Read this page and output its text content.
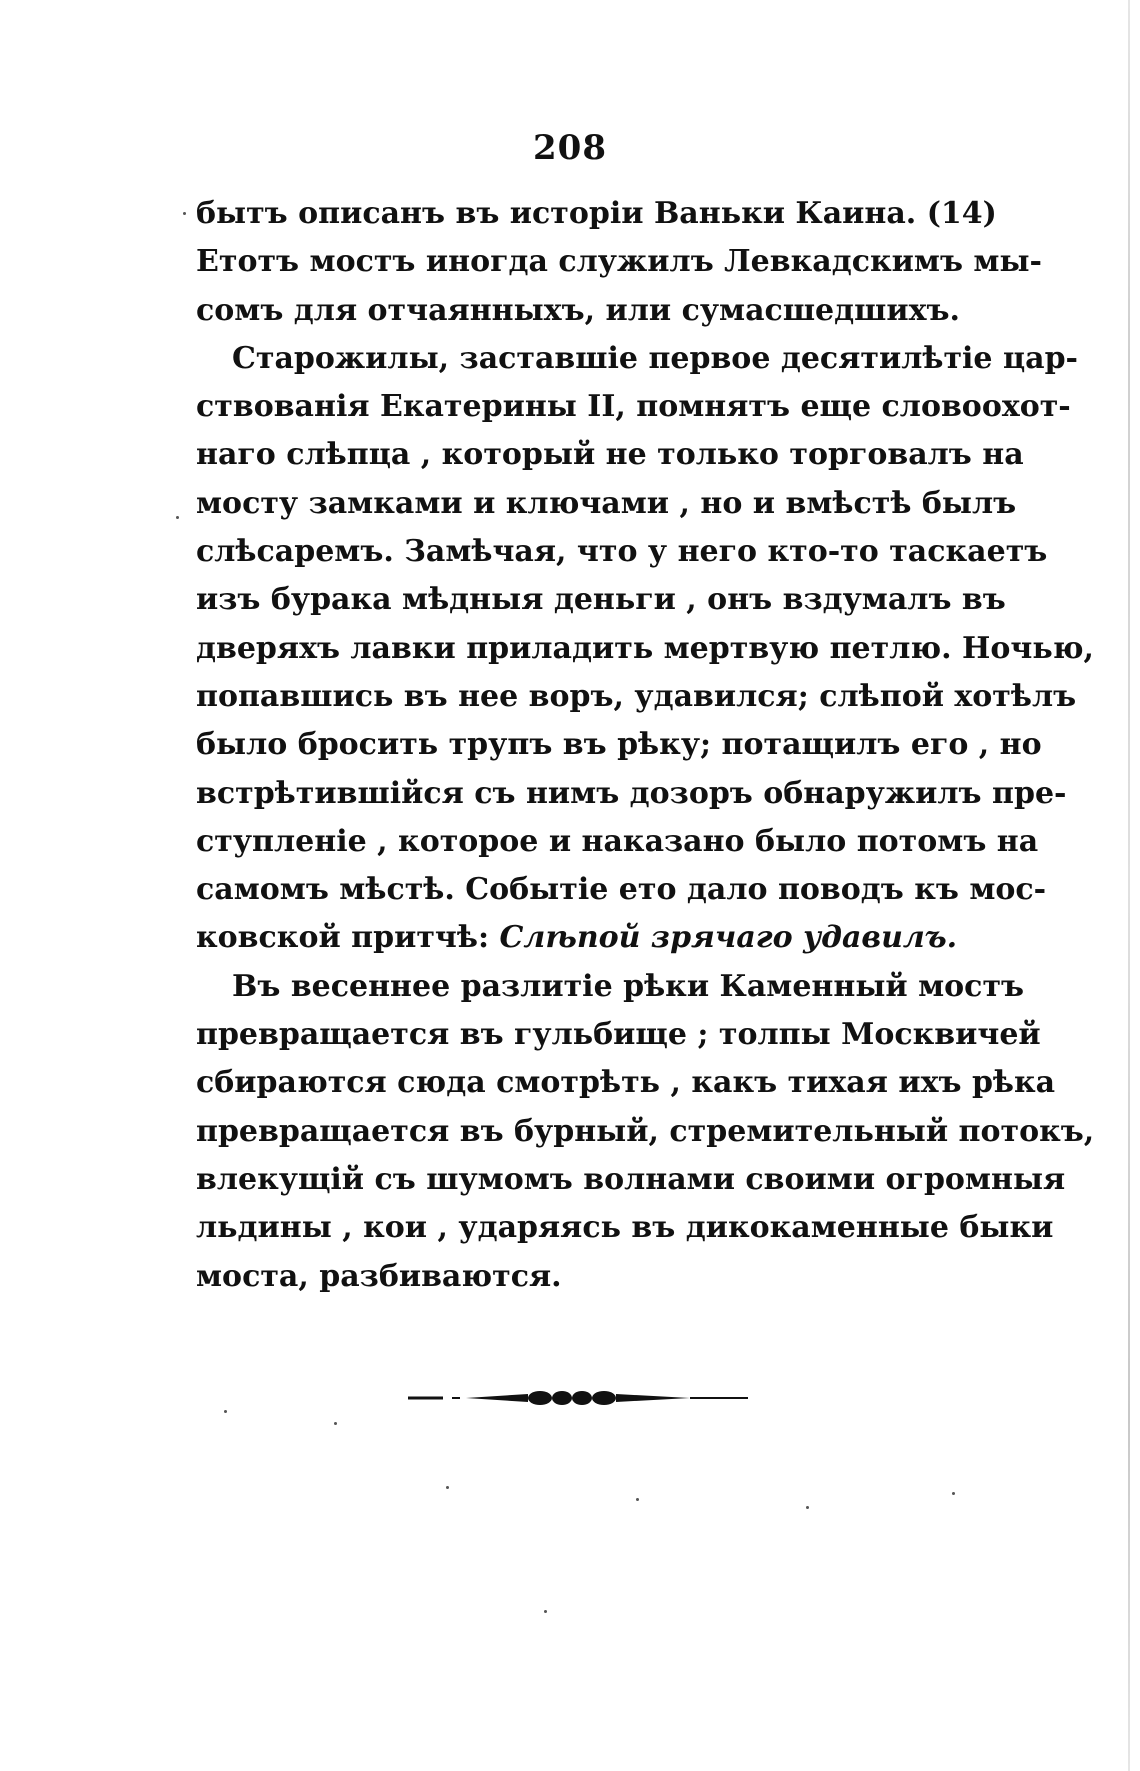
208
бытъ описанъ въ исторіи Ваньки Каина. (14)
Етотъ мостъ иногда служилъ Левкадскимъ мы-
сомъ для отчаянныхъ, или сумасшедшихъ.
Старожилы, заставшіе первое десятилѣтіе цар-
ствованія Екатерины II, помнятъ еще словоохот-
наго слѣпца , который не только торговалъ на
мосту замками и ключами , но и вмѣстѣ былъ
слѣсаремъ. Замѣчая, что у него кто-то таскаетъ
изъ бурака мѣдныя деньги , онъ вздумалъ въ
дверяхъ лавки приладить мертвую петлю. Ночью,
попавшись въ нее воръ, удавился; слѣпой хотѣлъ
было бросить трупъ въ рѣку; потащилъ его , но
встрѣтившійся съ нимъ дозоръ обнаружилъ пре-
ступленіе , которое и наказано было потомъ на
самомъ мѣстѣ. Событіе ето дало поводъ къ мос-
ковской притчѣ: Слѣпой зрячаго удавилъ.
Въ весеннее разлитіе рѣки Каменный мостъ
превращается въ гульбище ; толпы Москвичей
сбираются сюда смотрѣть , какъ тихая ихъ рѣка
превращается въ бурный, стремительный потокъ,
влекущій съ шумомъ волнами своими огромныя
льдины , кои , ударяясь въ дикокаменные быки
моста, разбиваются.
